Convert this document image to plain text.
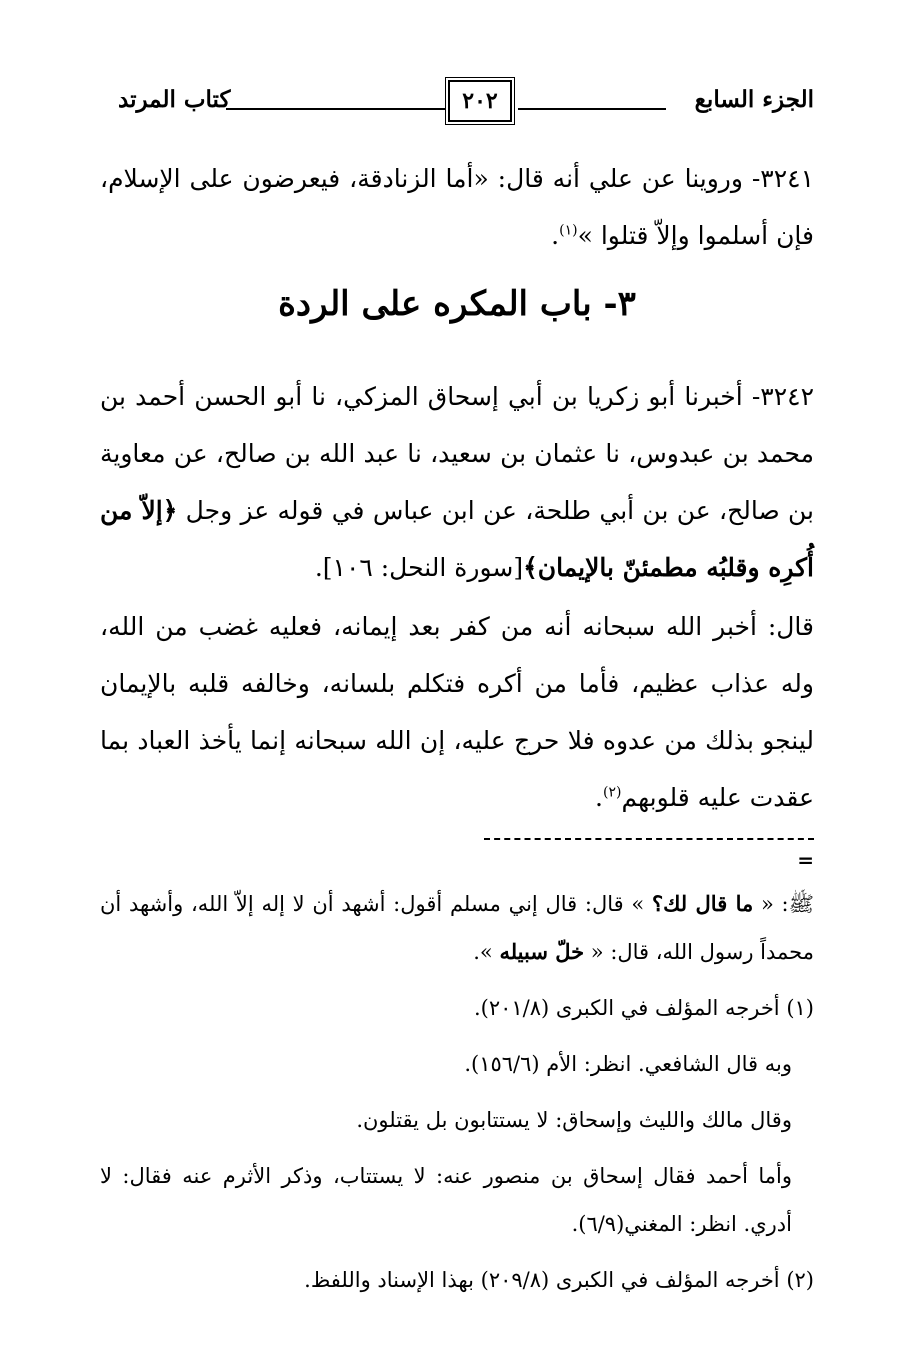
الجزء السابع
٢٠٢
كتاب المرتد

٣٢٤١- وروينا عن علي أنه قال: «أما الزنادقة، فيعرضون على الإسلام، فإن أسلموا وإلاّ قتلوا »$^{(١)}$.

٣- باب المكره على الردة

٣٢٤٢- أخبرنا أبو زكريا بن أبي إسحاق المزكي، نا أبو الحسن أحمد بن محمد بن عبدوس، نا عثمان بن سعيد، نا عبد الله بن صالح، عن معاوية بن صالح، عن بن أبي طلحة، عن ابن عباس في قوله عز وجل ﴿إلاّ من أُكرِه وقلبُه مطمئنّ بالإيمان﴾[سورة النحل: ١٠٦].

قال: أخبر الله سبحانه أنه من كفر بعد إيمانه، فعليه غضب من الله، وله عذاب عظيم، فأما من أكره فتكلم بلسانه، وخالفه قلبه بالإيمان لينجو بذلك من عدوه فلا حرج عليه، إن الله سبحانه إنما يأخذ العباد بما عقدت عليه قلوبهم$^{(٢)}$.

=

ﷺ: « ما قال لك؟ » قال: قال إني مسلم أقول: أشهد أن لا إله إلاّ الله، وأشهد أن محمداً رسول الله، قال: « خلّ سبيله ».

(١) أخرجه المؤلف في الكبرى (٢٠١/٨).

وبه قال الشافعي. انظر: الأم (١٥٦/٦).

وقال مالك والليث وإسحاق: لا يستتابون بل يقتلون.

وأما أحمد فقال إسحاق بن منصور عنه: لا يستتاب، وذكر الأثرم عنه فقال: لا أدري. انظر: المغني(٦/٩).

(٢) أخرجه المؤلف في الكبرى (٢٠٩/٨) بهذا الإسناد واللفظ.
